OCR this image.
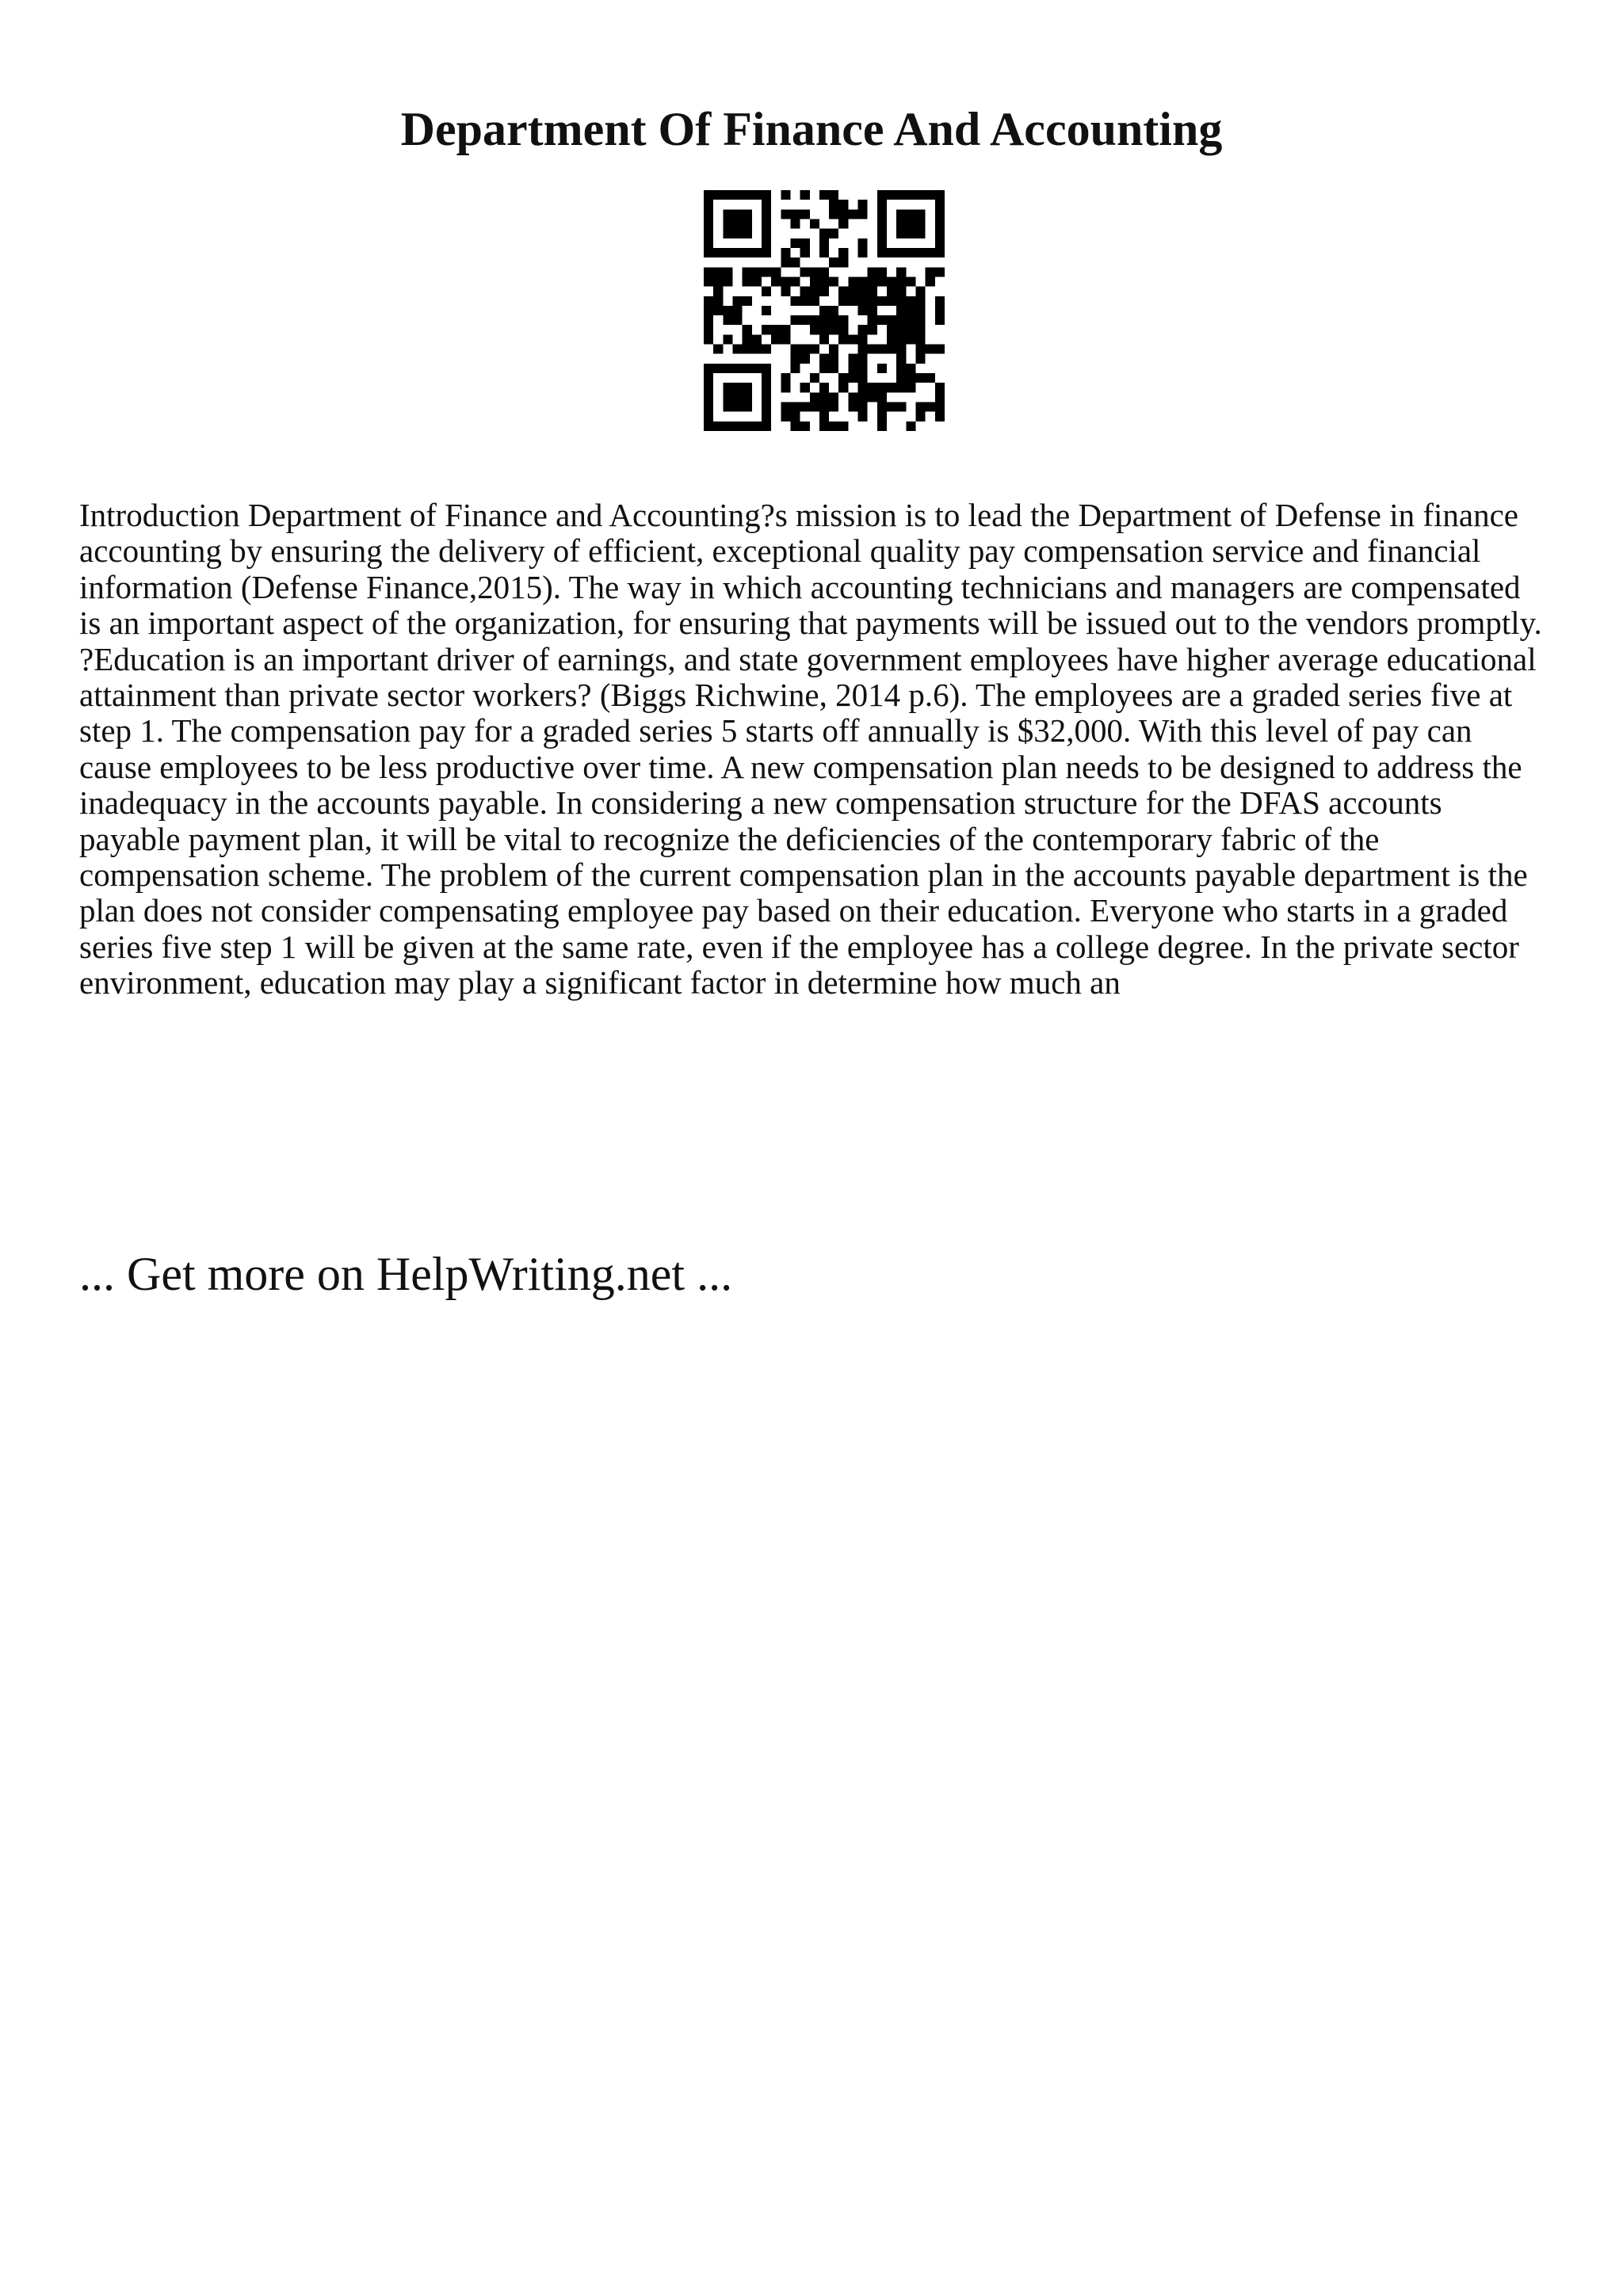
Department Of Finance And Accounting

Introduction Department of Finance and Accounting?s mission is to lead the Department of Defense in finance accounting by ensuring the delivery of efficient, exceptional quality pay compensation service and financial information (Defense Finance,2015). The way in which accounting technicians and managers are compensated is an important aspect of the organization, for ensuring that payments will be issued out to the vendors promptly. ?Education is an important driver of earnings, and state government employees have higher average educational attainment than private sector workers? (Biggs Richwine, 2014 p.6). The employees are a graded series five at step 1. The compensation pay for a graded series 5 starts off annually is $32,000. With this level of pay can cause employees to be less productive over time. A new compensation plan needs to be designed to address the inadequacy in the accounts payable. In considering a new compensation structure for the DFAS accounts payable payment plan, it will be vital to recognize the deficiencies of the contemporary fabric of the compensation scheme. The problem of the current compensation plan in the accounts payable department is the plan does not consider compensating employee pay based on their education. Everyone who starts in a graded series five step 1 will be given at the same rate, even if the employee has a college degree. In the private sector environment, education may play a significant factor in determine how much an

... Get more on HelpWriting.net ...
